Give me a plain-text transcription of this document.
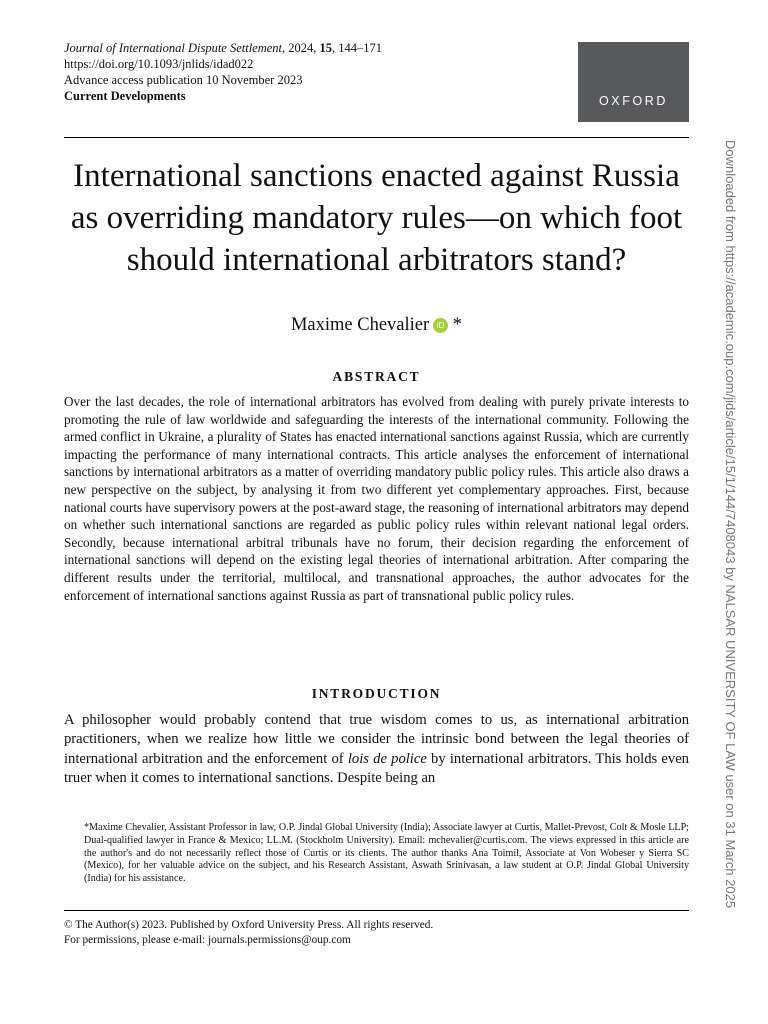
Journal of International Dispute Settlement, 2024, 15, 144–171
https://doi.org/10.1093/jnlids/idad022
Advance access publication 10 November 2023
Current Developments	OXFORD
International sanctions enacted against Russia as overriding mandatory rules—on which foot should international arbitrators stand?
Maxime Chevalier iD *
ABSTRACT

Over the last decades, the role of international arbitrators has evolved from dealing with purely private interests to promoting the rule of law worldwide and safeguarding the interests of the international community. Following the armed conflict in Ukraine, a plurality of States has enacted international sanctions against Russia, which are currently impacting the performance of many international contracts. This article analyses the enforcement of international sanctions by international arbitrators as a matter of overriding mandatory public policy rules. This article also draws a new perspective on the subject, by analysing it from two different yet complementary approaches. First, because national courts have supervisory powers at the post-award stage, the reasoning of international arbitrators may depend on whether such international sanctions are regarded as public policy rules within relevant national legal orders. Secondly, because international arbitral tribunals have no forum, their decision regarding the enforcement of international sanctions will depend on the existing legal theories of international arbitration. After comparing the different results under the territorial, multilocal, and transnational approaches, the author advocates for the enforcement of international sanctions against Russia as part of transnational public policy rules.

INTRODUCTION

A philosopher would probably contend that true wisdom comes to us, as international arbitration practitioners, when we realize how little we consider the intrinsic bond between the legal theories of international arbitration and the enforcement of lois de police by international arbitrators. This holds even truer when it comes to international sanctions. Despite being an

*Maxime Chevalier, Assistant Professor in law, O.P. Jindal Global University (India); Associate lawyer at Curtis, Mallet-Prevost, Colt & Mosle LLP; Dual-qualified lawyer in France & Mexico; LL.M. (Stockholm University). Email: mchevalier@curtis.com. The views expressed in this article are the author's and do not necessarily reflect those of Curtis or its clients. The author thanks Ana Toimil, Associate at Von Wobeser y Sierra SC (Mexico), for her valuable advice on the subject, and his Research Assistant, Aswath Srinivasan, a law student at O.P. Jindal Global University (India) for his assistance.

© The Author(s) 2023. Published by Oxford University Press. All rights reserved.
For permissions, please e-mail: journals.permissions@oup.com
Downloaded from https://academic.oup.com/jids/article/15/1/144/7408043 by NALSAR UNIVERSITY OF LAW user on 31 March 2025
